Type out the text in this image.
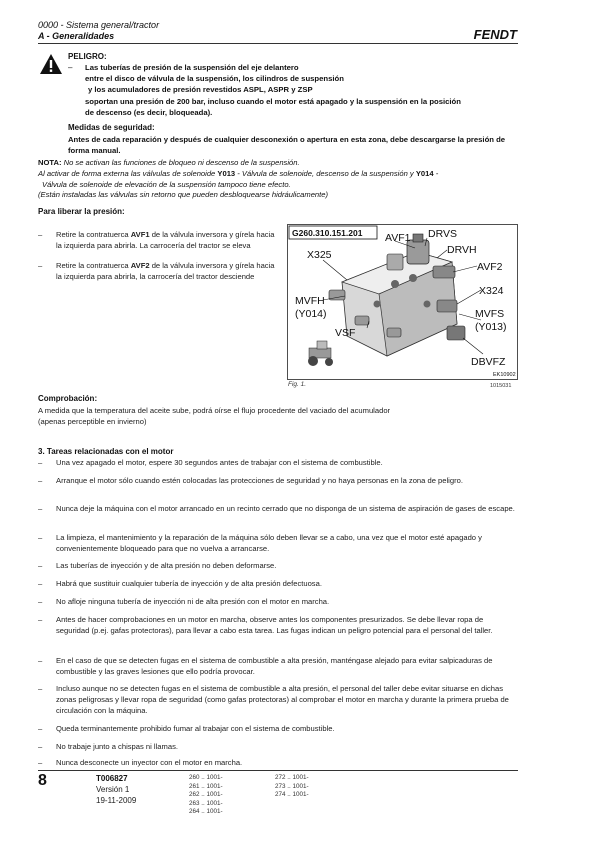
0000 - Sistema general/tractor
A - Generalidades	FENDT
PELIGRO:
– Las tuberías de presión de la suspensión del eje delantero
entre el disco de válvula de la suspensión, los cilindros de suspensión
y los acumuladores de presión revestidos ASPL, ASPR y ZSP
soportan una presión de 200 bar, incluso cuando el motor está apagado y la suspensión en la posición
de descenso (es decir, bloqueada).
Medidas de seguridad:
Antes de cada reparación y después de cualquier desconexión o apertura en esta zona, debe descargarse la presión de forma manual.
NOTA: No se activan las funciones de bloqueo ni descenso de la suspensión.
Al activar de forma externa las válvulas de solenoide Y013 - Válvula de solenoide, descenso de la suspensión y Y014 -
Válvula de solenoide de elevación de la suspensión tampoco tiene efecto.
(Están instaladas las válvulas sin retorno que pueden desbloquearse hidráulicamente)
Para liberar la presión:
– Retire la contratuerca AVF1 de la válvula inversora y gírela hacia la izquierda para abrirla. La carrocería del tractor se eleva
– Retire la contratuerca AVF2 de la válvula inversora y gírela hacia la izquierda para abrirla, la carrocería del tractor desciende
G260.310.151.201 AVF1 DRVS
DRVH
X325
AVF2
X324
MVFH
(Y014)	MVFS
(Y013)
VSF
DBVFZ
EK10902
Fig. 1.	1015031
Comprobación:
A medida que la temperatura del aceite sube, podrá oírse el flujo procedente del vaciado del acumulador
(apenas perceptible en invierno)
3. Tareas relacionadas con el motor
– Una vez apagado el motor, espere 30 segundos antes de trabajar con el sistema de combustible.
– Arranque el motor sólo cuando estén colocadas las protecciones de seguridad y no haya personas en la zona de peligro.
– Nunca deje la máquina con el motor arrancado en un recinto cerrado que no disponga de un sistema de aspiración de gases de escape.
– La limpieza, el mantenimiento y la reparación de la máquina sólo deben llevar se a cabo, una vez que el motor esté apagado y convenientemente bloqueado para que no vuelva a arrancarse.
– Las tuberías de inyección y de alta presión no deben deformarse.
– Habrá que sustituir cualquier tubería de inyección y de alta presión defectuosa.
– No afloje ninguna tubería de inyección ni de alta presión con el motor en marcha.
– Antes de hacer comprobaciones en un motor en marcha, observe antes los componentes presurizados. Se debe llevar ropa de seguridad (p.ej. gafas protectoras), para llevar a cabo esta tarea. Las fugas indican un peligro potencial para el personal del taller.
– En el caso de que se detecten fugas en el sistema de combustible a alta presión, manténgase alejado para evitar salpicaduras de combustible y las graves lesiones que ello podría provocar.
– Incluso aunque no se detecten fugas en el sistema de combustible a alta presión, el personal del taller debe evitar situarse en dichas zonas peligrosas y llevar ropa de seguridad (como gafas protectoras) al comprobar el motor en marcha y durante la primera prueba de circulación con la máquina.
– Queda terminantemente prohibido fumar al trabajar con el sistema de combustible.
– No trabaje junto a chispas ni llamas.
– Nunca desconecte un inyector con el motor en marcha.
8	T006827
Versión 1
19-11-2009
260 .. 1001-
261 .. 1001-
262 .. 1001-
263 .. 1001-
264 .. 1001-
272 .. 1001-
273 .. 1001-
274 .. 1001-
